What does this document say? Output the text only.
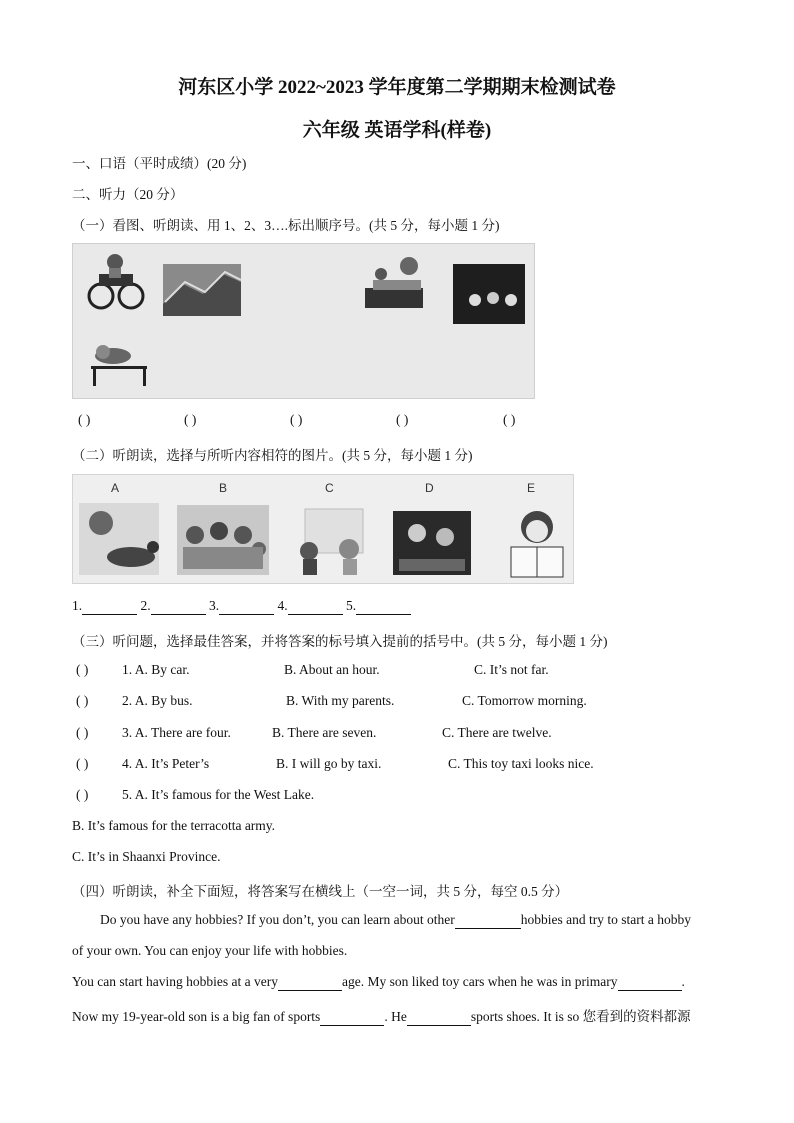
河东区小学 2022~2023 学年度第二学期期末检测试卷
六年级 英语学科(样卷)
一、口语（平时成绩）(20 分)
二、听力（20 分）
（一）看图、听朗读、用 1、2、3….标出顺序号。(共 5 分，每小题 1 分)
( )	( )	( )	( )	( )
（二）听朗读，选择与所听内容相符的图片。(共 5 分，每小题 1 分)
A	B	C	D	E
1.	2.	3.	4.	5.
（三）听问题，选择最佳答案，并将答案的标号填入提前的括号中。(共 5 分，每小题 1 分)
( ) 1. A. By car.	B. About an hour.	C. It’s not far.
( ) 2. A. By bus.	B. With my parents.	C. Tomorrow morning.
( ) 3. A. There are four.	B. There are seven.	C. There are twelve.
( ) 4. A. It’s Peter’s	B. I will go by taxi.	C. This toy taxi looks nice.
( ) 5. A. It’s famous for the West Lake.
B. It’s famous for the terracotta army.
C. It’s in Shaanxi Province.
（四）听朗读，补全下面短，将答案写在横线上（一空一词，共 5 分，每空 0.5 分）
Do you have any hobbies? If you don’t, you can learn about other	hobbies and try to start a hobby
of your own. You can enjoy your life with hobbies.
You can start having hobbies at a very	age. My son liked toy cars when he was in primary	.
Now my 19-year-old son is a big fan of sports	. He	sports shoes. It is so 您看到的资料都源
